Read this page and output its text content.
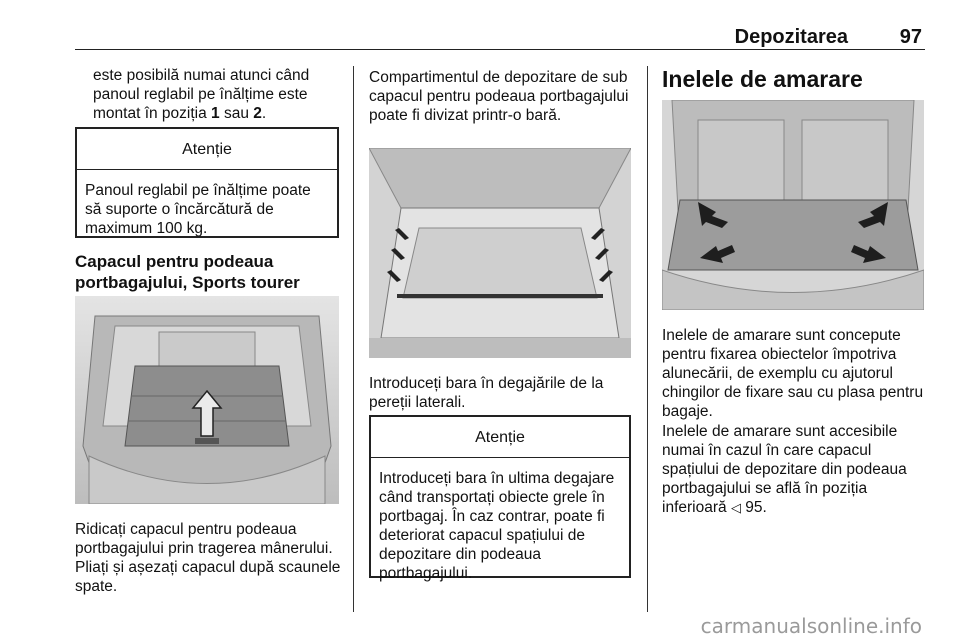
Depozitarea	97

este posibilă numai atunci când panoul reglabil pe înălțime este montat în poziția 1 sau 2.

Atenție
Panoul reglabil pe înălțime poate să suporte o încărcătură de maximum 100 kg.
Capacul pentru podeaua portbagajului, Sports tourer

Ridicați capacul pentru podeaua portbagajului prin tragerea mânerului. Pliați și așezați capacul după scaunele spate.

Compartimentul de depozitare de sub capacul pentru podeaua portbagajului poate fi divizat printr-o bară.

Introduceți bara în degajările de la pereții laterali.

Atenție
Introduceți bara în ultima degajare când transportați obiecte grele în portbagaj. În caz contrar, poate fi deteriorat capacul spațiului de depozitare din podeaua portbagajului.
Inelele de amarare

Inelele de amarare sunt concepute pentru fixarea obiectelor împotriva alunecării, de exemplu cu ajutorul chingilor de fixare sau cu plasa pentru bagaje.

Inelele de amarare sunt accesibile numai în cazul în care capacul spațiului de depozitare din podeaua portbagajului se află în poziția inferioară ◁ 95.

carmanualsonline.info
